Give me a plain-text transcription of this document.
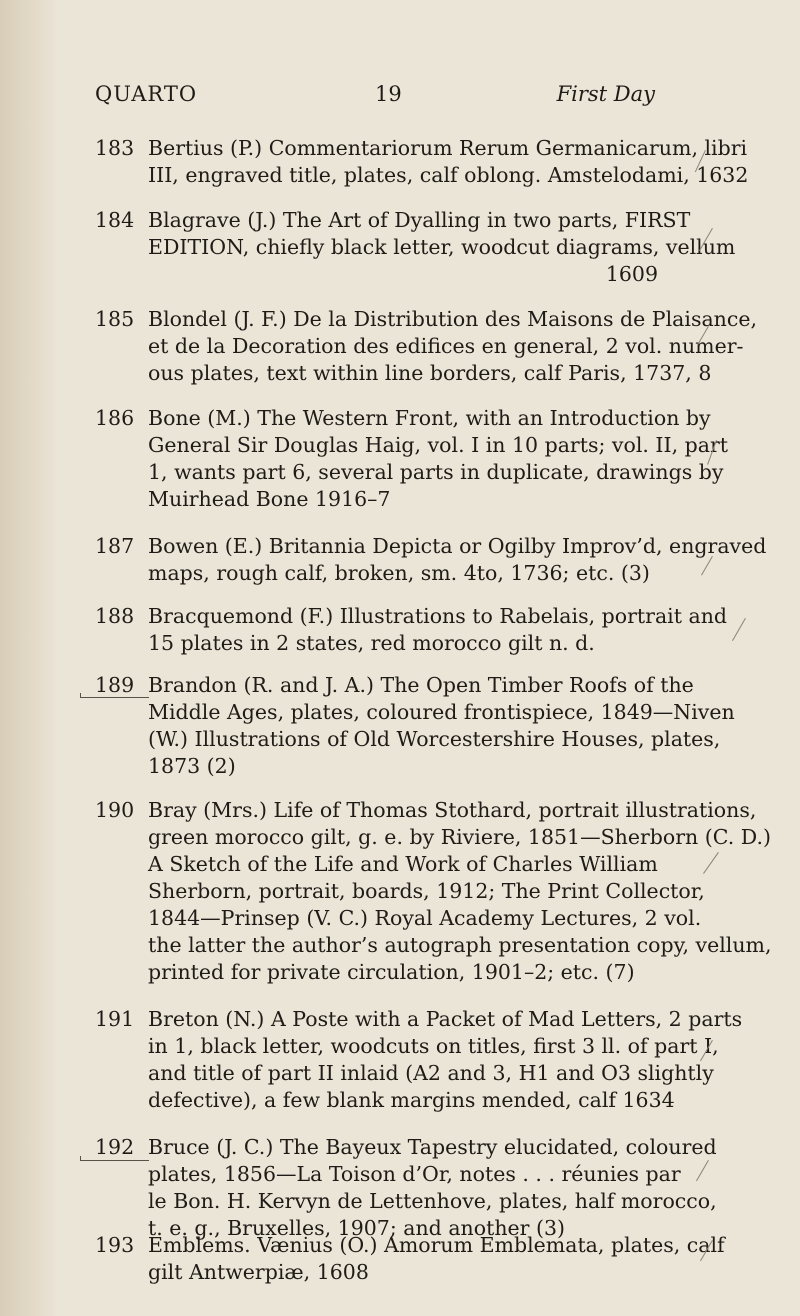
QUARTO	19	First Day
183 Bertius (P.) Commentariorum Rerum Germanicarum, libri
III, engraved title, plates, calf oblong. Amstelodami, 1632
184 Blagrave (J.) The Art of Dyalling in two parts, FIRST
EDITION, chiefly black letter, woodcut diagrams, vellum
1609
185 Blondel (J. F.) De la Distribution des Maisons de Plaisance,
et de la Decoration des edifices en general, 2 vol. numer-
ous plates, text within line borders, calf Paris, 1737, 8
186 Bone (M.) The Western Front, with an Introduction by
General Sir Douglas Haig, vol. I in 10 parts; vol. II, part
1, wants part 6, several parts in duplicate, drawings by
Muirhead Bone 1916–7
187 Bowen (E.) Britannia Depicta or Ogilby Improv’d, engraved
maps, rough calf, broken, sm. 4to, 1736; etc. (3)
188 Bracquemond (F.) Illustrations to Rabelais, portrait and
15 plates in 2 states, red morocco gilt n. d.
189 Brandon (R. and J. A.) The Open Timber Roofs of the
Middle Ages, plates, coloured frontispiece, 1849—Niven
(W.) Illustrations of Old Worcestershire Houses, plates,
1873 (2)
190 Bray (Mrs.) Life of Thomas Stothard, portrait illustrations,
green morocco gilt, g. e. by Riviere, 1851—Sherborn (C. D.)
A Sketch of the Life and Work of Charles William
Sherborn, portrait, boards, 1912; The Print Collector,
1844—Prinsep (V. C.) Royal Academy Lectures, 2 vol.
the latter the author’s autograph presentation copy, vellum,
printed for private circulation, 1901–2; etc. (7)
191 Breton (N.) A Poste with a Packet of Mad Letters, 2 parts
in 1, black letter, woodcuts on titles, first 3 ll. of part I,
and title of part II inlaid (A2 and 3, H1 and O3 slightly
defective), a few blank margins mended, calf 1634
192 Bruce (J. C.) The Bayeux Tapestry elucidated, coloured
plates, 1856—La Toison d’Or, notes . . . réunies par
le Bon. H. Kervyn de Lettenhove, plates, half morocco,
t. e. g., Bruxelles, 1907; and another (3)
193 Emblems. Vænius (O.) Amorum Emblemata, plates, calf
gilt Antwerpiæ, 1608
